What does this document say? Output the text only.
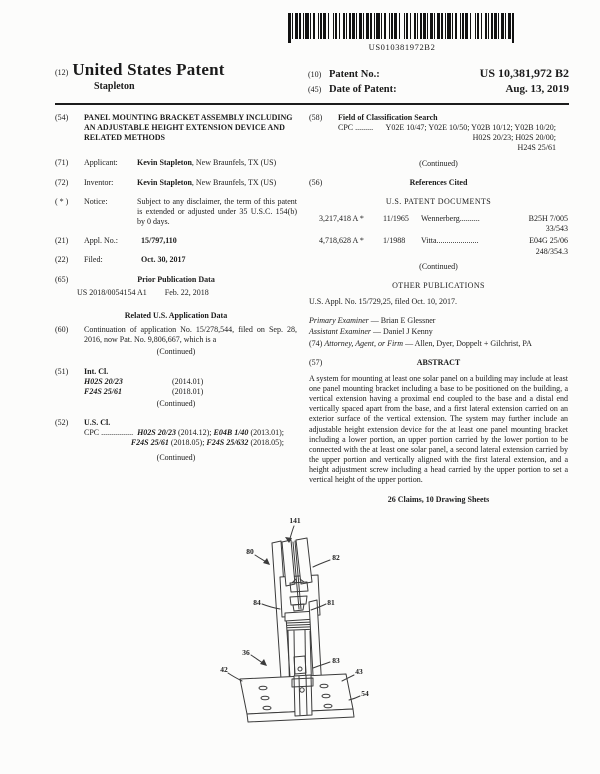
US010381972B2
(12) United States Patent
Stapleton
(10) Patent No.:	US 10,381,972 B2
(45) Date of Patent:	Aug. 13, 2019
(54)	PANEL MOUNTING BRACKET ASSEMBLY INCLUDING AN ADJUSTABLE HEIGHT EXTENSION DEVICE AND RELATED METHODS
(71)	Applicant:	Kevin Stapleton, New Braunfels, TX (US)
(72)	Inventor:	Kevin Stapleton, New Braunfels, TX (US)
( * )	Notice:	Subject to any disclaimer, the term of this patent is extended or adjusted under 35 U.S.C. 154(b) by 0 days.
(21)	Appl. No.:	15/797,110
(22)	Filed:	Oct. 30, 2017
(65)	Prior Publication Data
US 2018/0054154 A1 Feb. 22, 2018
Related U.S. Application Data
(60)	Continuation of application No. 15/278,544, filed on Sep. 28, 2016, now Pat. No. 9,806,667, which is a
(Continued)
(51)	Int. Cl.
H02S 20/23	(2014.01)
F24S 25/61	(2018.01)
(Continued)
(52)	U.S. Cl.
CPC ................ H02S 20/23 (2014.12); E04B 1/40 (2013.01); F24S 25/61 (2018.05); F24S 25/632 (2018.05);
(Continued)
(58)	Field of Classification Search
CPC ......... Y02E 10/47; Y02E 10/50; Y02B 10/12; Y02B 10/20; H02S 20/23; H02S 20/00;
H24S 25/61
(Continued)
(56)	References Cited
U.S. PATENT DOCUMENTS
3,217,418 A *	11/1965	Wennerberg ..........	B25H 7/005
33/543
4,718,628 A *	1/1988	Vitta .....................	E04G 25/06
248/354.3
(Continued)
OTHER PUBLICATIONS
U.S. Appl. No. 15/729,25, filed Oct. 10, 2017.
Primary Examiner — Brian E Glessner
Assistant Examiner — Daniel J Kenny
(74) Attorney, Agent, or Firm — Allen, Dyer, Doppelt + Gilchrist, PA
(57)	ABSTRACT
A system for mounting at least one solar panel on a building may include at least one panel mounting bracket including a base to be positioned on the building, a vertical extension having a proximal end coupled to the base and a distal end vertically spaced apart from the base, and a first lateral extension carried on an exterior surface of the vertical extension. The system may further include an adjustable height extension device for the at least one panel mounting bracket including a lower portion, an upper portion carried by the lower portion to be connected with the at least one solar panel, a second lateral extension carried by the upper portion and vertically aligned with the first lateral extension, and a height adjustment screw including a head carried by the upper portion to set a vertical height of the upper portion.
26 Claims, 10 Drawing Sheets
141
80
82
84	81
36
83
42	43
54
